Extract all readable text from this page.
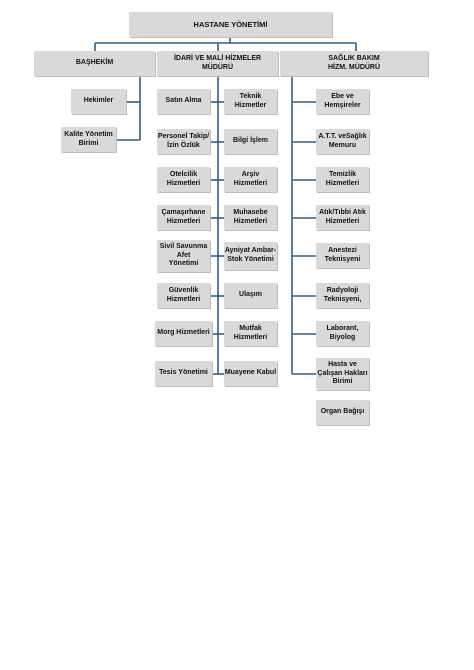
HASTANE YÖNETİMİ
BAŞHEKİM
İDARİ VE MALİ HİZMELER
MÜDÜRÜ
SAĞLIK BAKIM
HİZM. MÜDÜRÜ
Hekimler
Kalite Yönetim
Birimi
Satın Alma
Personel Takip/
İzin Özlük
Otelcilik
Hizmetleri
Çamaşırhane
Hizmetleri
Sivil Savunma
Afet
Yönetimi
Güvenlik
Hizmetleri
Morg Hizmetleri
Tesis Yönetimi
Teknik
Hizmetler
Bilgi İşlem
Arşiv
Hizmetleri
Muhasebe
Hizmetleri
Ayniyat Ambar-
Stok Yönetimi
Ulaşım
Mutfak
Hizmetleri
Muayene Kabul
Ebe ve
Hemşireler
A.T.T. veSağlık
Memuru
Temizlik
Hizmetleri
Atık/Tıbbi Atık
Hizmetleri
Anestezi
Teknisyeni
Radyoloji
Teknisyeni,
Laborant,
Biyolog
Hasta ve
Çalışan Hakları
Birimi
Organ Bağışı
